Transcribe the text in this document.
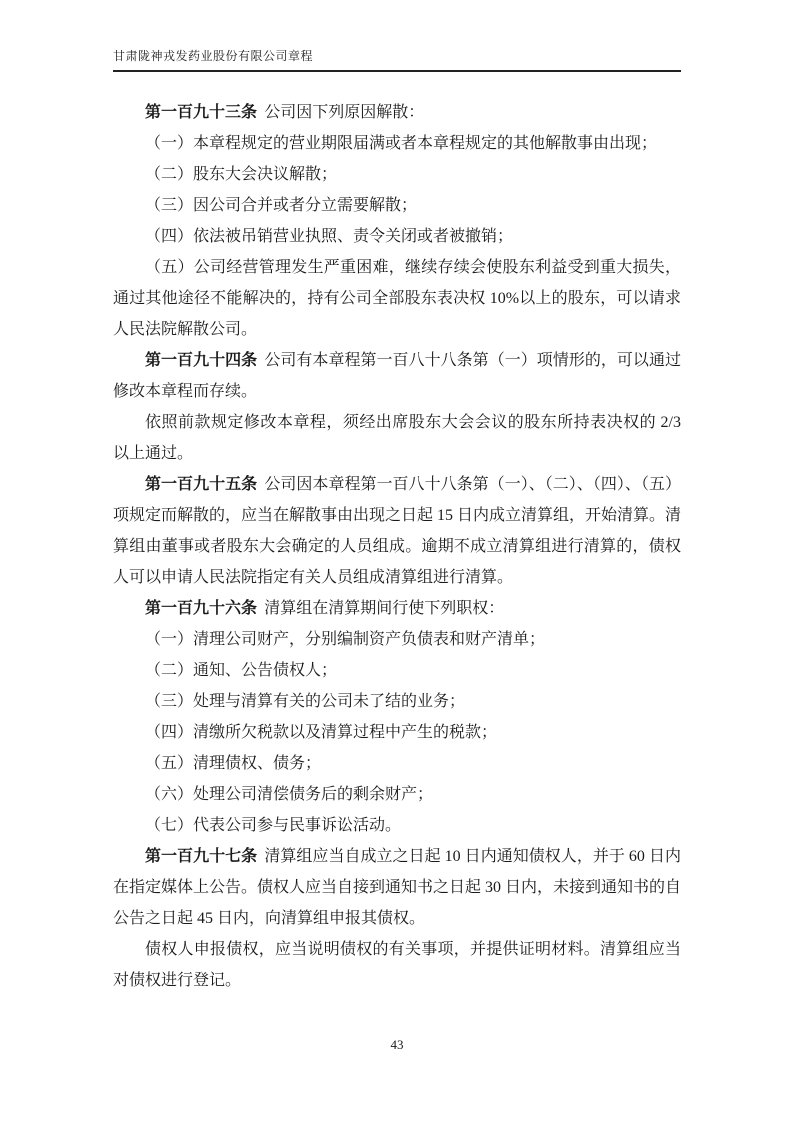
甘肃陇神戎发药业股份有限公司章程

第一百九十三条 公司因下列原因解散：

（一）本章程规定的营业期限届满或者本章程规定的其他解散事由出现；

（二）股东大会决议解散；

（三）因公司合并或者分立需要解散；

（四）依法被吊销营业执照、责令关闭或者被撤销；

（五）公司经营管理发生严重困难，继续存续会使股东利益受到重大损失，通过其他途径不能解决的，持有公司全部股东表决权 10%以上的股东，可以请求人民法院解散公司。

第一百九十四条 公司有本章程第一百八十八条第（一）项情形的，可以通过修改本章程而存续。

依照前款规定修改本章程，须经出席股东大会会议的股东所持表决权的 2/3 以上通过。

第一百九十五条 公司因本章程第一百八十八条第（一）、（二）、（四）、（五）项规定而解散的，应当在解散事由出现之日起 15 日内成立清算组，开始清算。清算组由董事或者股东大会确定的人员组成。逾期不成立清算组进行清算的，债权人可以申请人民法院指定有关人员组成清算组进行清算。

第一百九十六条 清算组在清算期间行使下列职权：

（一）清理公司财产，分别编制资产负债表和财产清单；

（二）通知、公告债权人；

（三）处理与清算有关的公司未了结的业务；

（四）清缴所欠税款以及清算过程中产生的税款；

（五）清理债权、债务；

（六）处理公司清偿债务后的剩余财产；

（七）代表公司参与民事诉讼活动。

第一百九十七条 清算组应当自成立之日起 10 日内通知债权人，并于 60 日内在指定媒体上公告。债权人应当自接到通知书之日起 30 日内，未接到通知书的自公告之日起 45 日内，向清算组申报其债权。

债权人申报债权，应当说明债权的有关事项，并提供证明材料。清算组应当对债权进行登记。

43
